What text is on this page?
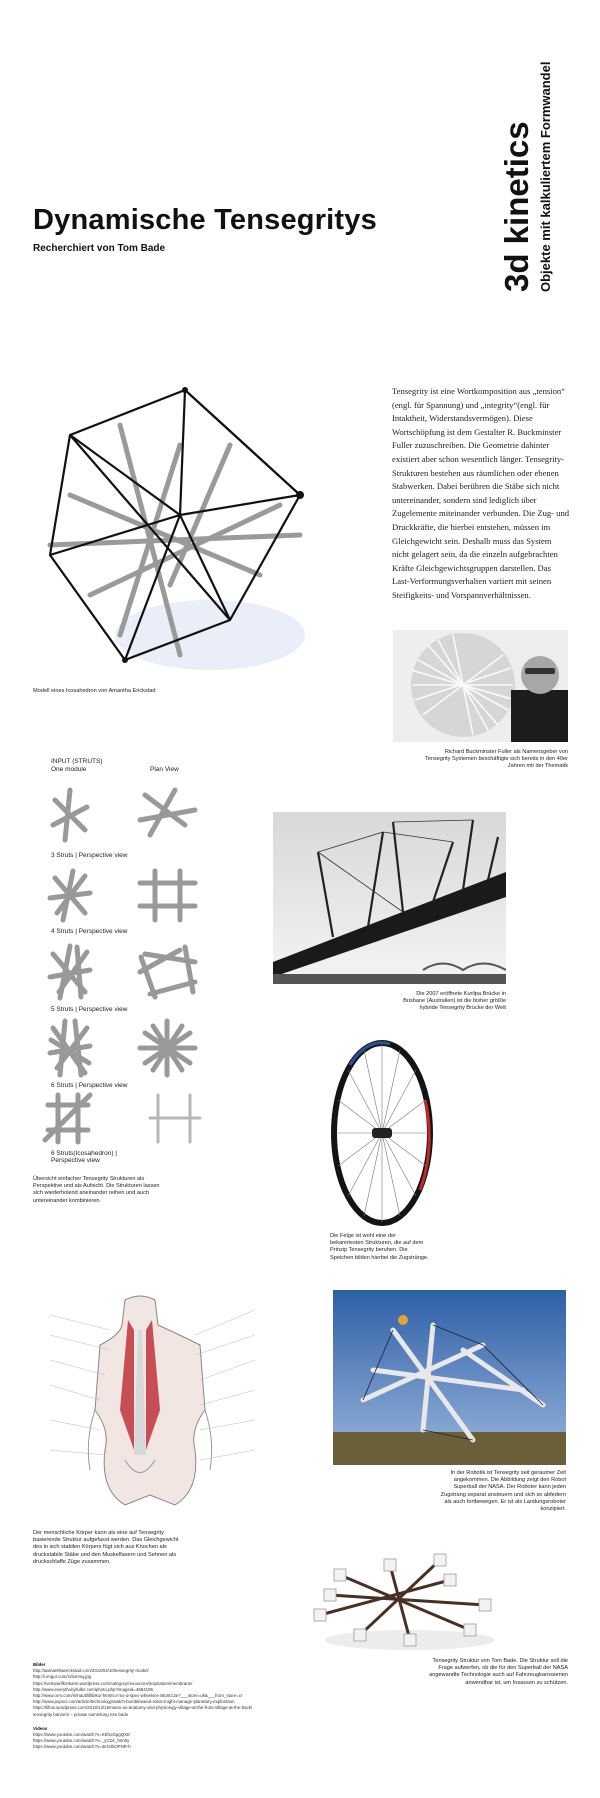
Dynamische Tensegritys
Recherchiert von Tom Bade	3d kinetics Objekte mit kalkuliertem Formwandel
Tensegrity ist eine Wortkomposition aus „tension“ (engl. für Spannung) und „integrity“(engl. für Intaktheit, Widerstandsvermögen). Diese Wortschöpfung ist dem Gestalter R. Buckminster Fuller zuzuschreiben. Die Geometrie dahinter existiert aber schon wesentlich länger. Tensegrity-Strukturen bestehen aus räumlichen oder ebenen Stabwerken. Dabei berühren die Stäbe sich nicht untereinander, sondern sind lediglich über Zugelemente miteinander verbunden. Die Zug- und Druckkräfte, die hierbei entstehen, müssen im Gleichgewicht sein. Deshalb muss das System nicht gelagert sein, da die einzeln aufgebrachten Kräfte Gleichgewichtsgruppen darstellen. Das Last-Verformungsverhalten variiert mit seinen Steifigkeits- und Vorspannverhältnissen.
Modell eines Icosahedron von Amantha Erickstad
Richard Buckminster Fuller als Namensgeber von Tensegrity Systemen beschäftigte sich bereits in den 40er Jahren mit der Thematik
INPUT (STRUTS)
One module	Plan View
3 Struts | Perspective view
4 Struts | Perspective view
5 Struts | Perspective view
6 Struts | Perspective view
6 Struts(Icosahedron) | Perspective view
Übersicht einfacher Tensegrity Strukturen als Perspektive und als Aufsicht. Die Strukturen lassen sich wiederholend aneinander reihen und auch untereinander kombinieren.
Die 2007 eröffnete Kurilpa Brücke in Brisbane (Australien) ist die bisher größte hybride Tensegrity Brücke der Welt
Die Felge ist wohl eine der bekanntesten Strukturen, die auf dem Prinzip Tensegrity beruhen. Die Speichen bilden hierbei die Zugstränge.
Der menschliche Körper kann als eine auf Tensegrity basierende Struktur aufgefasst werden. Das Gleichgewicht des in sich stabilen Körpers fügt sich aus Knochen als druckstabile Stäbe und den Muskelfasern und Sehnen als druckschlaffe Züge zusammen.
In der Robotik ist Tensegrity seit geraumer Zeit angekommen. Die Abbildung zeigt den Robot Superball der NASA. Der Roboter kann jeden Zugstrang separat ansteuern und sich so abfedern als auch fortbewegen. Er ist als Landungsroboter konzipiert.
Tensegrity Struktur von Tom Bade. Die Struktur soll die Frage aufwerfen, ob die für den Superball der NASA angewandte Technologie auch auf Fahrzeugkarosserien anwendbar ist, um Insassen zu schützen.
Bilder
http://aamanthaerickstad.com/2013/04/10/tensegrity-model/
http://i.imgur.com/1rbxHsq.jpg
https://vertwarifkrekami.wordpress.com/category/resources/inspiration/membrane/
http://www.everythobyfuller.com/photo.php?imageid=4684196
http://www.orm.com/imhaut/lillibiku/-html/co-mo-d-spec-wheelset-46c8cc3e?___store=uk&___from_store=cr
http://www.popsci.com/article/technology/watch-bumbleweed-robot-might-manage-planetary-exploration
https://lifnsi.wordpress.com/2015/12/15/notes-on-anatomy-and-physiology-village-at-the-front-village-at-the-back/
tensegrity banners – private sammlung tom bade
Videos
https://www.youtube.com/watch?v=KEhoGpgQXE
https://www.youtube.com/watch?v=_yCDz_hnn0y
https://www.youtube.com/watch?v=3eOJkOFNR-h
